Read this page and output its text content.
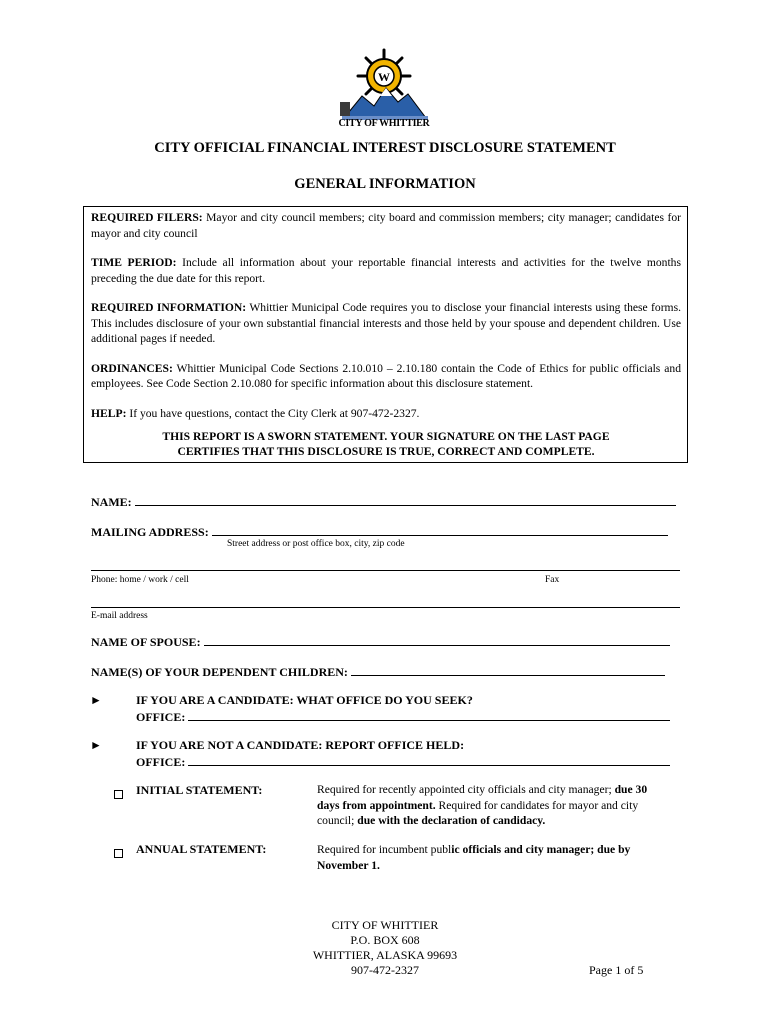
W
CITY OF WHITTIER
CITY OFFICIAL FINANCIAL INTEREST DISCLOSURE STATEMENT
GENERAL INFORMATION

REQUIRED FILERS: Mayor and city council members; city board and commission members; city manager; candidates for mayor and city council

TIME PERIOD: Include all information about your reportable financial interests and activities for the twelve months preceding the due date for this report.

REQUIRED INFORMATION: Whittier Municipal Code requires you to disclose your financial interests using these forms. This includes disclosure of your own substantial financial interests and those held by your spouse and dependent children. Use additional pages if needed.

ORDINANCES: Whittier Municipal Code Sections 2.10.010 – 2.10.180 contain the Code of Ethics for public officials and employees. See Code Section 2.10.080 for specific information about this disclosure statement.

HELP: If you have questions, contact the City Clerk at 907-472-2327.

THIS REPORT IS A SWORN STATEMENT. YOUR SIGNATURE ON THE LAST PAGE

CERTIFIES THAT THIS DISCLOSURE IS TRUE, CORRECT AND COMPLETE.

NAME:
MAILING ADDRESS:
Street address or post office box, city, zip code
Phone: home / work / cell	Fax
E-mail address
NAME OF SPOUSE:
NAME(S) OF YOUR DEPENDENT CHILDREN:
►	IF YOU ARE A CANDIDATE: WHAT OFFICE DO YOU SEEK?
OFFICE:
►	IF YOU ARE NOT A CANDIDATE: REPORT OFFICE HELD:
OFFICE:
INITIAL STATEMENT:	Required for recently appointed city officials and city manager; due 30 days from appointment. Required for candidates for mayor and city council; due with the declaration of candidacy.
ANNUAL STATEMENT:	Required for incumbent public officials and city manager; due by November 1.
CITY OF WHITTIER
P.O. BOX 608
WHITTIER, ALASKA 99693
907-472-2327	Page 1 of 5
